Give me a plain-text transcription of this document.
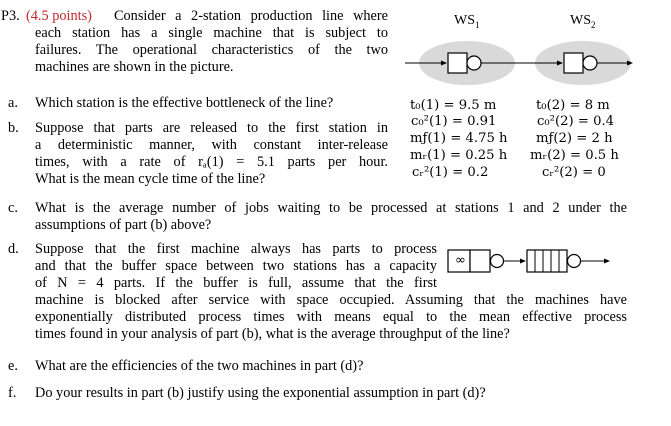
P3. (4.5 points) Consider a 2-station production line where
each station has a single machine that is subject to
failures. The operational characteristics of the two
machines are shown in the picture.
$WS_1$	$WS_2$
a. Which station is the effective bottleneck of the line?	t₀(1) = 9.5 m
c₀²(1) = 0.91
mƒ(1) = 4.75 h
mᵣ(1) = 0.25 h
cᵣ²(1) = 0.2
t₀(2) = 8 m
c₀²(2) = 0.4
mƒ(2) = 2 h
mᵣ(2) = 0.5 h
cᵣ²(2) = 0
b. Suppose that parts are released to the first station in
a deterministic manner, with constant inter-release
times, with a rate of rₐ(1) = 5.1 parts per hour.
What is the mean cycle time of the line?
c. What is the average number of jobs waiting to be processed at stations 1 and 2 under the
assumptions of part (b) above?
d. Suppose that the first machine always has parts to process
and that the buffer space between two stations has a capacity
of N = 4 parts. If the buffer is full, assume that the first
machine is blocked after service with space occupied. Assuming that the machines have
exponentially distributed process times with means equal to the mean effective process
times found in your analysis of part (b), what is the average throughput of the line?
∞
e. What are the efficiencies of the two machines in part (d)?
f. Do your results in part (b) justify using the exponential assumption in part (d)?
